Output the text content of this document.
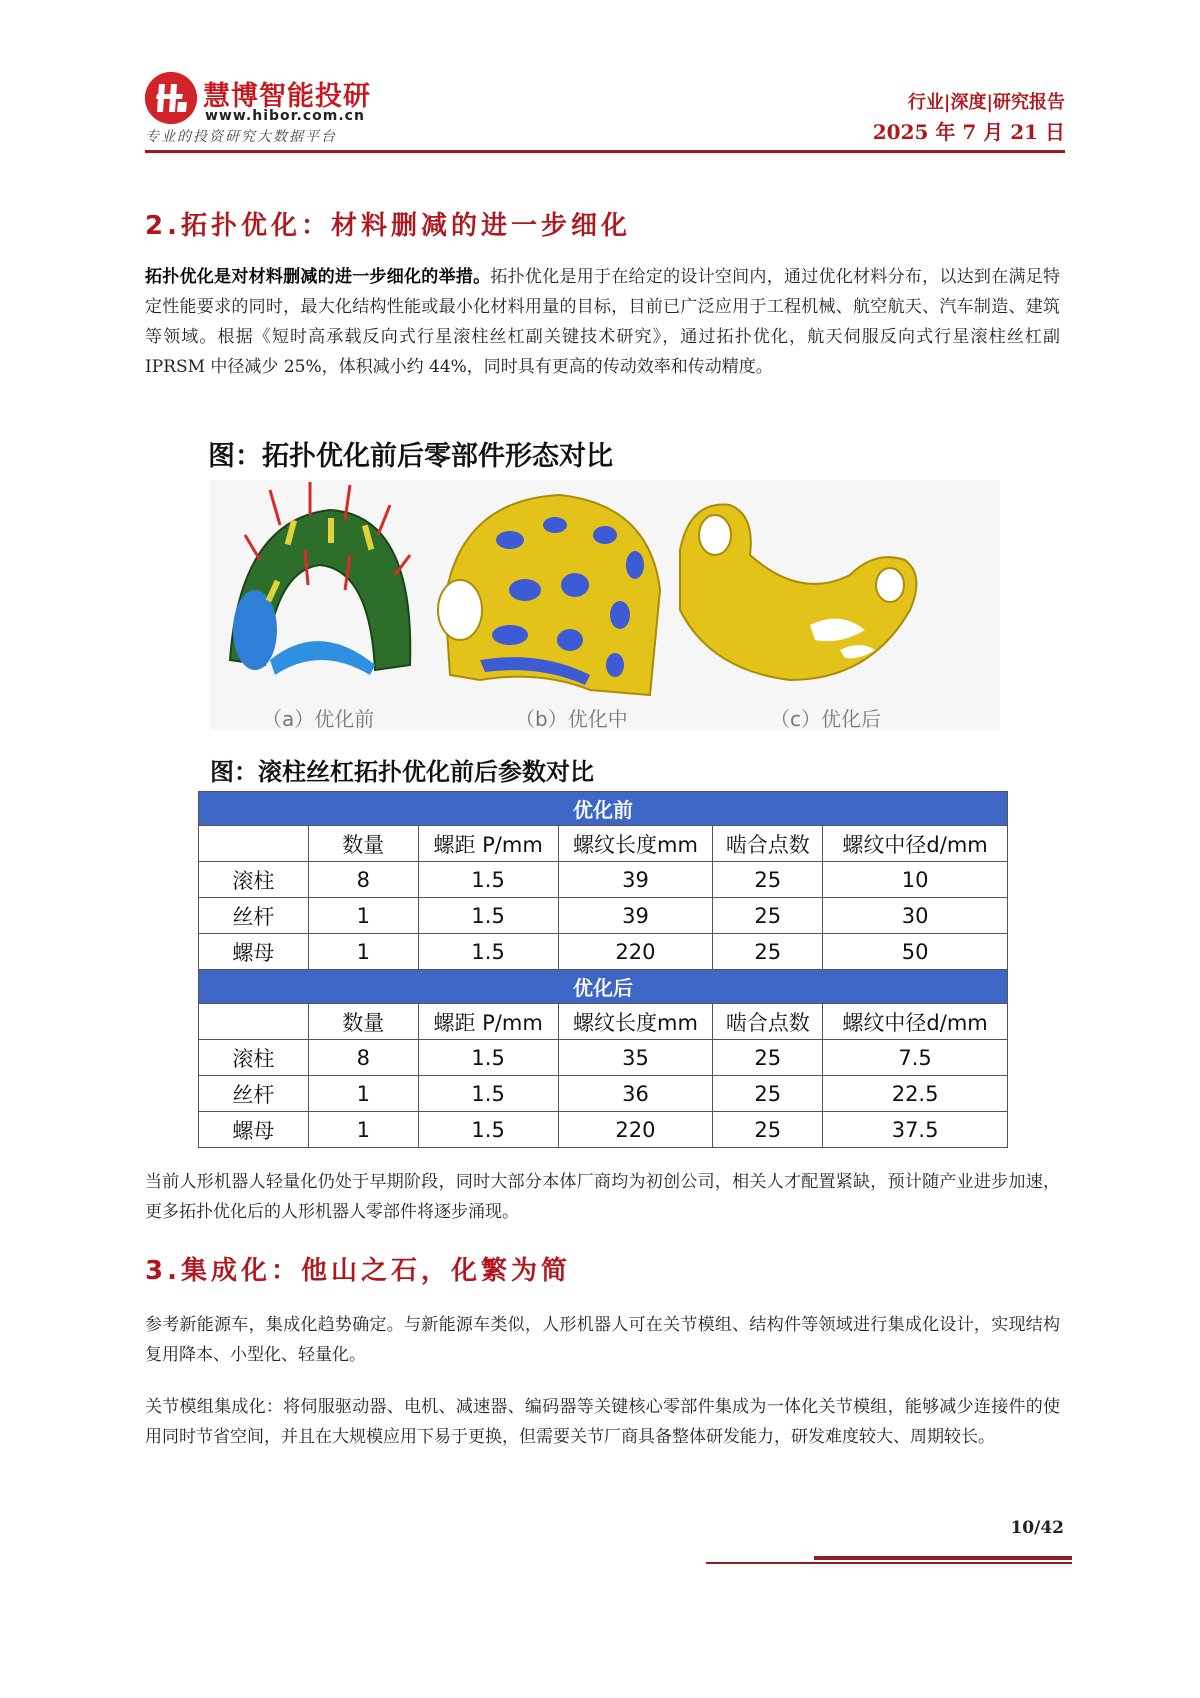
慧博智能投研
www.hibor.com.cn
专业的投资研究大数据平台
行业|深度|研究报告
2025 年 7 月 21 日
2.拓扑优化：材料删减的进一步细化
拓扑优化是对材料删减的进一步细化的举措。拓扑优化是用于在给定的设计空间内，通过优化材料分布，以达到在满足特定性能要求的同时，最大化结构性能或最小化材料用量的目标，目前已广泛应用于工程机械、航空航天、汽车制造、建筑等领域。根据《短时高承载反向式行星滚柱丝杠副关键技术研究》，通过拓扑优化，航天伺服反向式行星滚柱丝杠副 IPRSM 中径减少 25%，体积减小约 44%，同时具有更高的传动效率和传动精度。
图：拓扑优化前后零部件形态对比
（a）优化前	（b）优化中	（c）优化后
图：滚柱丝杠拓扑优化前后参数对比
优化前					
	数量	螺距 P/mm	螺纹长度mm	啮合点数	螺纹中径d/mm
滚柱	8	1.5	39	25	10
丝杆	1	1.5	39	25	30
螺母	1	1.5	220	25	50
优化后					
	数量	螺距 P/mm	螺纹长度mm	啮合点数	螺纹中径d/mm
滚柱	8	1.5	35	25	7.5
丝杆	1	1.5	36	25	22.5
螺母	1	1.5	220	25	37.5
当前人形机器人轻量化仍处于早期阶段，同时大部分本体厂商均为初创公司，相关人才配置紧缺，预计随产业进步加速，更多拓扑优化后的人形机器人零部件将逐步涌现。
3.集成化：他山之石，化繁为简
参考新能源车，集成化趋势确定。与新能源车类似，人形机器人可在关节模组、结构件等领域进行集成化设计，实现结构复用降本、小型化、轻量化。
关节模组集成化：将伺服驱动器、电机、减速器、编码器等关键核心零部件集成为一体化关节模组，能够减少连接件的使用同时节省空间，并且在大规模应用下易于更换，但需要关节厂商具备整体研发能力，研发难度较大、周期较长。
10/42
